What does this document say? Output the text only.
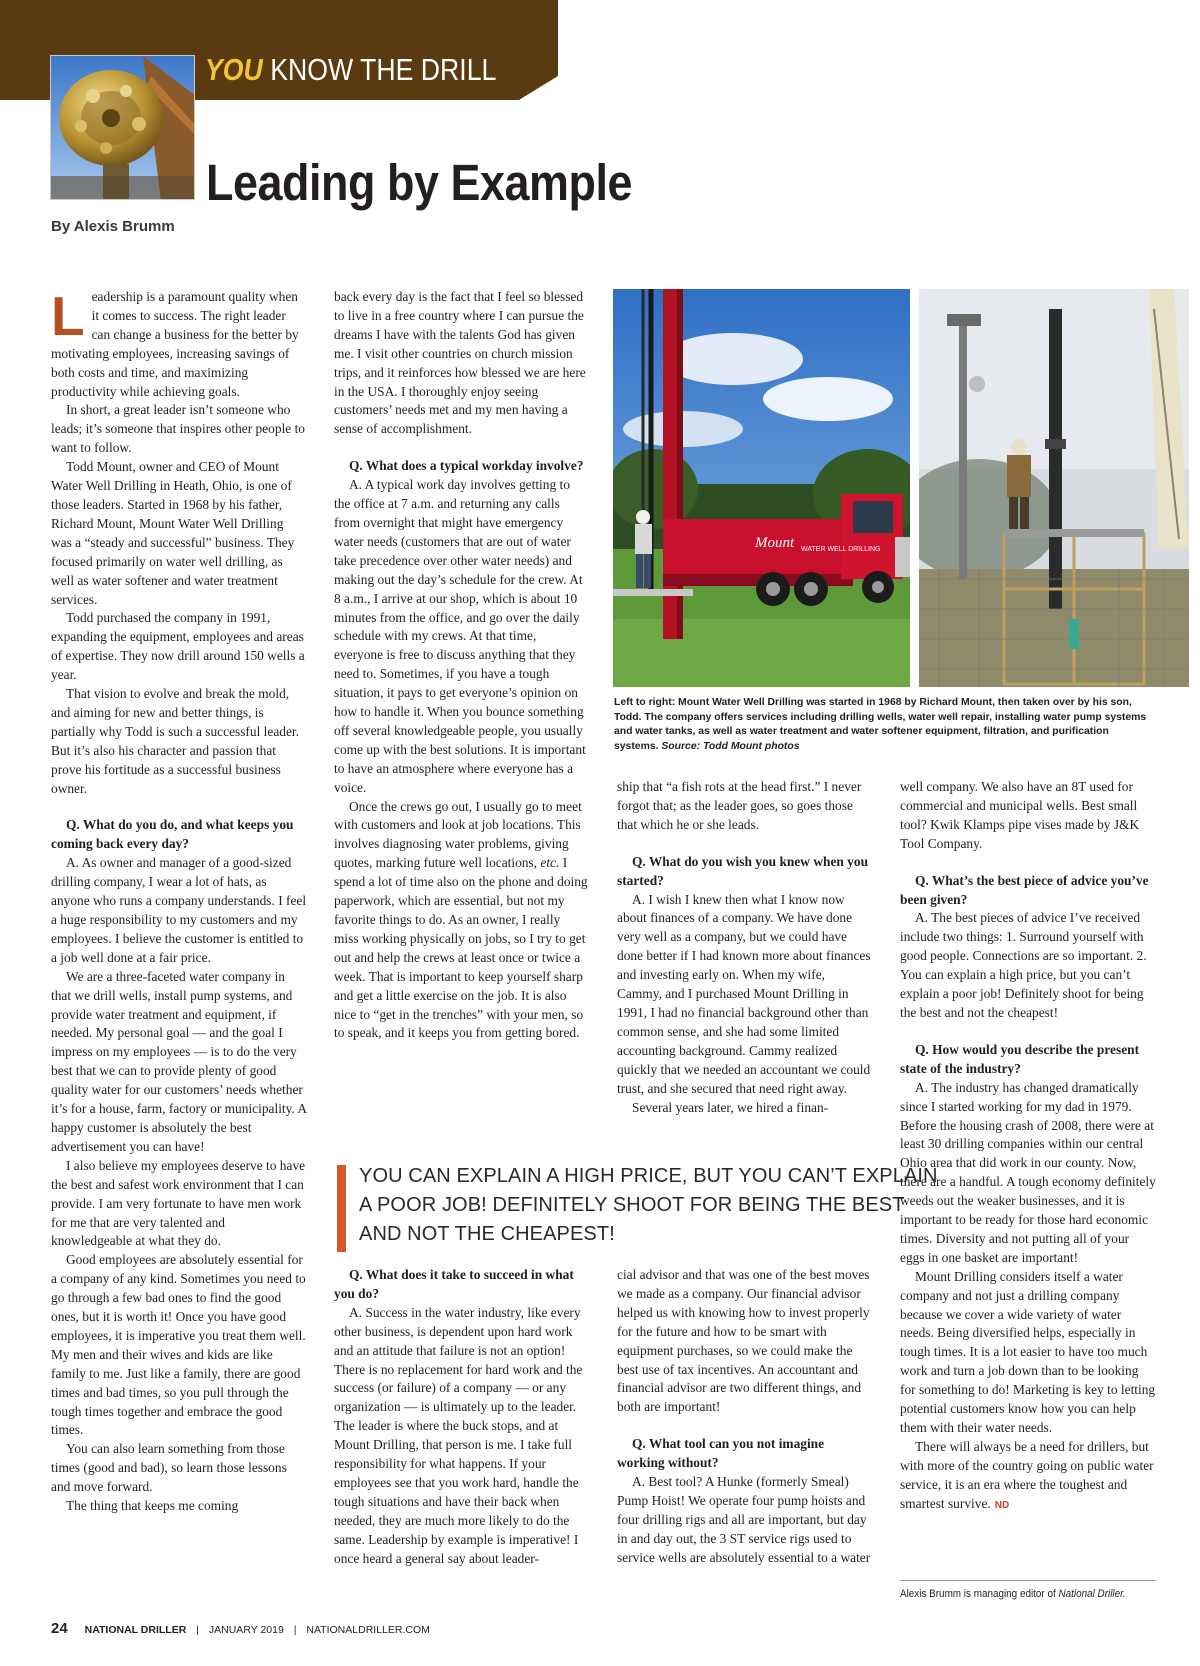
YOU KNOW THE DRILL
Leading by Example
By Alexis Brumm

Leadership is a paramount quality when it comes to success. The right leader can change a business for the better by motivating employees, increasing savings of both costs and time, and maximizing productivity while achieving goals.

In short, a great leader isn’t someone who leads; it’s someone that inspires other people to want to follow.

Todd Mount, owner and CEO of Mount Water Well Drilling in Heath, Ohio, is one of those leaders. Started in 1968 by his father, Richard Mount, Mount Water Well Drilling was a “steady and successful” business. They focused primarily on water well drilling, as well as water softener and water treatment services.

Todd purchased the company in 1991, expanding the equipment, employees and areas of expertise. They now drill around 150 wells a year.

That vision to evolve and break the mold, and aiming for new and better things, is partially why Todd is such a successful leader. But it’s also his character and passion that prove his fortitude as a successful business owner.

Q. What do you do, and what keeps you coming back every day?

A. As owner and manager of a good-sized drilling company, I wear a lot of hats, as anyone who runs a company understands. I feel a huge responsibility to my customers and my employees. I believe the customer is entitled to a job well done at a fair price.

We are a three-faceted water company in that we drill wells, install pump systems, and provide water treatment and equipment, if needed. My personal goal — and the goal I impress on my employees — is to do the very best that we can to provide plenty of good quality water for our customers’ needs whether it’s for a house, farm, factory or municipality. A happy customer is absolutely the best advertisement you can have!

I also believe my employees deserve to have the best and safest work environment that I can provide. I am very fortunate to have men work for me that are very talented and knowledgeable at what they do.

Good employees are absolutely essential for a company of any kind. Sometimes you need to go through a few bad ones to find the good ones, but it is worth it! Once you have good employees, it is imperative you treat them well. My men and their wives and kids are like family to me. Just like a family, there are good times and bad times, so you pull through the tough times together and embrace the good times.

You can also learn something from those times (good and bad), so learn those lessons and move forward.

The thing that keeps me coming

back every day is the fact that I feel so blessed to live in a free country where I can pursue the dreams I have with the talents God has given me. I visit other countries on church mission trips, and it reinforces how blessed we are here in the USA. I thoroughly enjoy seeing customers’ needs met and my men having a sense of accomplishment.

Q. What does a typical workday involve?

A. A typical work day involves getting to the office at 7 a.m. and returning any calls from overnight that might have emergency water needs (customers that are out of water take precedence over other water needs) and making out the day’s schedule for the crew. At 8 a.m., I arrive at our shop, which is about 10 minutes from the office, and go over the daily schedule with my crews. At that time, everyone is free to discuss anything that they need to. Sometimes, if you have a tough situation, it pays to get everyone’s opinion on how to handle it. When you bounce something off several knowledgeable people, you usually come up with the best solutions. It is important to have an atmosphere where everyone has a voice.

Once the crews go out, I usually go to meet with customers and look at job locations. This involves diagnosing water problems, giving quotes, marking future well locations, etc. I spend a lot of time also on the phone and doing paperwork, which are essential, but not my favorite things to do. As an owner, I really miss working physically on jobs, so I try to get out and help the crews at least once or twice a week. That is important to keep yourself sharp and get a little exercise on the job. It is also nice to “get in the trenches” with your men, so to speak, and it keeps you from getting bored.

Mount WATER WELL DRILLING
Left to right: Mount Water Well Drilling was started in 1968 by Richard Mount, then taken over by his son, Todd. The company offers services including drilling wells, water well repair, installing water pump systems and water tanks, as well as water treatment and water softener equipment, filtration, and purification systems. Source: Todd Mount photos

ship that “a fish rots at the head first.” I never forgot that; as the leader goes, so goes those that which he or she leads.

Q. What do you wish you knew when you started?

A. I wish I knew then what I know now about finances of a company. We have done very well as a company, but we could have done better if I had known more about finances and investing early on. When my wife, Cammy, and I purchased Mount Drilling in 1991, I had no financial background other than common sense, and she had some limited accounting background. Cammy realized quickly that we needed an accountant we could trust, and she secured that need right away.

Several years later, we hired a finan-

well company. We also have an 8T used for commercial and municipal wells. Best small tool? Kwik Klamps pipe vises made by J&K Tool Company.

Q. What’s the best piece of advice you’ve been given?

A. The best pieces of advice I’ve received include two things: 1. Surround yourself with good people. Connections are so important. 2. You can explain a high price, but you can’t explain a poor job! Definitely shoot for being the best and not the cheapest!

Q. How would you describe the present state of the industry?

A. The industry has changed dramatically since I started working for my dad in 1979. Before the housing crash of 2008, there were at least 30 drilling companies within our central Ohio area that did work in our county. Now, there are a handful. A tough economy definitely weeds out the weaker businesses, and it is important to be ready for those hard economic times. Diversity and not putting all of your eggs in one basket are important!

Mount Drilling considers itself a water company and not just a drilling company because we cover a wide variety of water needs. Being diversified helps, especially in tough times. It is a lot easier to have too much work and turn a job down than to be looking for something to do! Marketing is key to letting potential customers know how you can help them with their water needs.

There will always be a need for drillers, but with more of the country going on public water service, it is an era where the toughest and smartest survive. ND

YOU CAN EXPLAIN A HIGH PRICE, BUT YOU CAN’T EXPLAIN A POOR JOB! DEFINITELY SHOOT FOR BEING THE BEST AND NOT THE CHEAPEST!

Q. What does it take to succeed in what you do?

A. Success in the water industry, like every other business, is dependent upon hard work and an attitude that failure is not an option! There is no replacement for hard work and the success (or failure) of a company — or any organization — is ultimately up to the leader. The leader is where the buck stops, and at Mount Drilling, that person is me. I take full responsibility for what happens. If your employees see that you work hard, handle the tough situations and have their back when needed, they are much more likely to do the same. Leadership by example is imperative! I once heard a general say about leader-

cial advisor and that was one of the best moves we made as a company. Our financial advisor helped us with knowing how to invest properly for the future and how to be smart with equipment purchases, so we could make the best use of tax incentives. An accountant and financial advisor are two different things, and both are important!

Q. What tool can you not imagine working without?

A. Best tool? A Hunke (formerly Smeal) Pump Hoist! We operate four pump hoists and four drilling rigs and all are important, but day in and day out, the 3 ST service rigs used to service wells are absolutely essential to a water

Alexis Brumm is managing editor of National Driller.
24 NATIONAL DRILLER | JANUARY 2019 | NATIONALDRILLER.COM
